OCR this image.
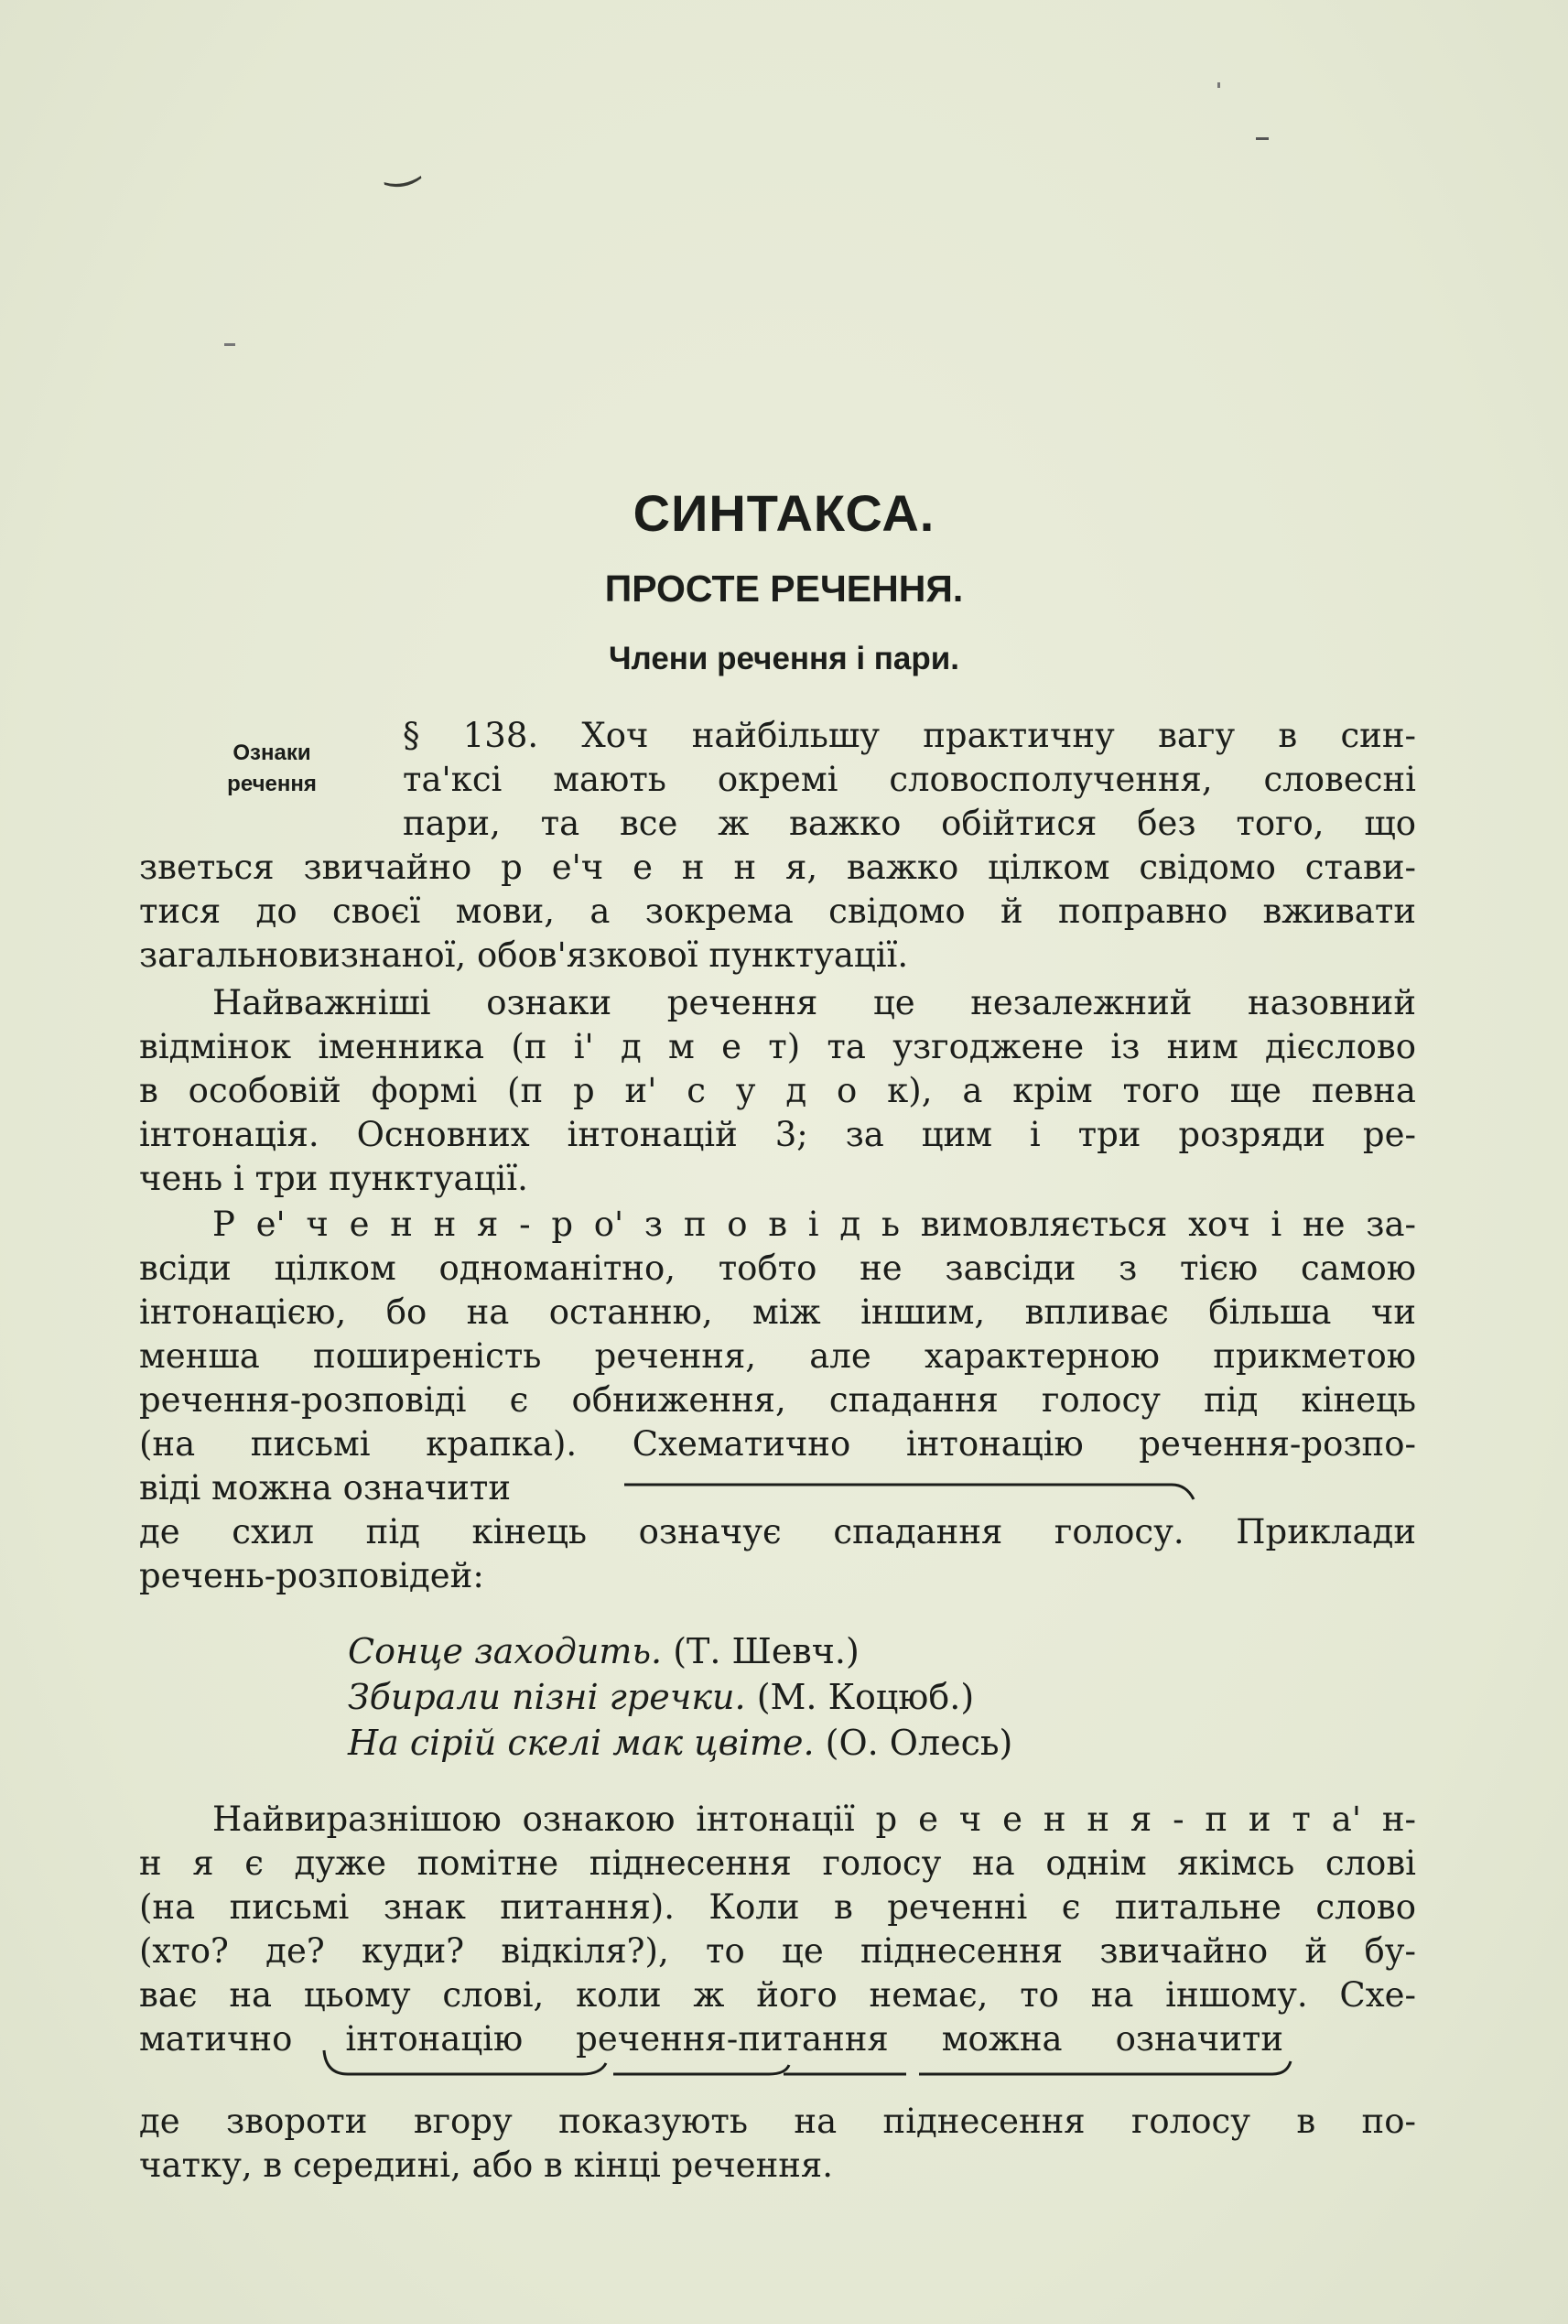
‿
СИНТАКСА.
ПРОСТЕ РЕЧЕННЯ.
Члени речення і пари.
Ознаки
речення
§ 138. Хоч найбільшу практичну вагу в син-
та'ксі мають окремі словосполучення, словесні
пари, та все ж важко обійтися без того, що
зветься звичайно р е'ч е н н я, важко цілком свідомо стави-
тися до своєї мови, а зокрема свідомо й поправно вживати
загальновизнаної, обов'язкової пунктуації.
Найважніші ознаки речення це незалежний назовний
відмінок іменника (п і' д м е т) та узгоджене із ним дієслово
в особовій формі (п р и' с у д о к), а крім того ще певна
інтонація. Основних інтонацій 3; за цим і три розряди ре-
чень і три пунктуації.
Р е' ч е н н я - р о' з п о в і д ь вимовляється хоч і не за-
всіди цілком одноманітно, тобто не завсіди з тією самою
інтонацією, бо на останню, між іншим, впливає більша чи
менша поширеність речення, але характерною прикметою
речення-розповіді є обниження, спадання голосу під кінець
(на письмі крапка). Схематично інтонацію речення-розпо-
віді можна означити
де схил під кінець означує спадання голосу. Приклади
речень-розповідей:
Сонце заходить. (Т. Шевч.)
Збирали пізні гречки. (М. Коцюб.)
На сірій скелі мак цвіте. (О. Олесь)
Найвиразнішою ознакою інтонації р е ч е н н я - п и т а' н-
н я є дуже помітне піднесення голосу на однім якімсь слові
(на письмі знак питання). Коли в реченні є питальне слово
(хто? де? куди? відкіля?), то це піднесення звичайно й бу-
ває на цьому слові, коли ж його немає, то на іншому. Схе-
матично інтонацію речення-питання можна означити
де звороти вгору показують на піднесення голосу в по-
чатку, в середині, або в кінці речення.
